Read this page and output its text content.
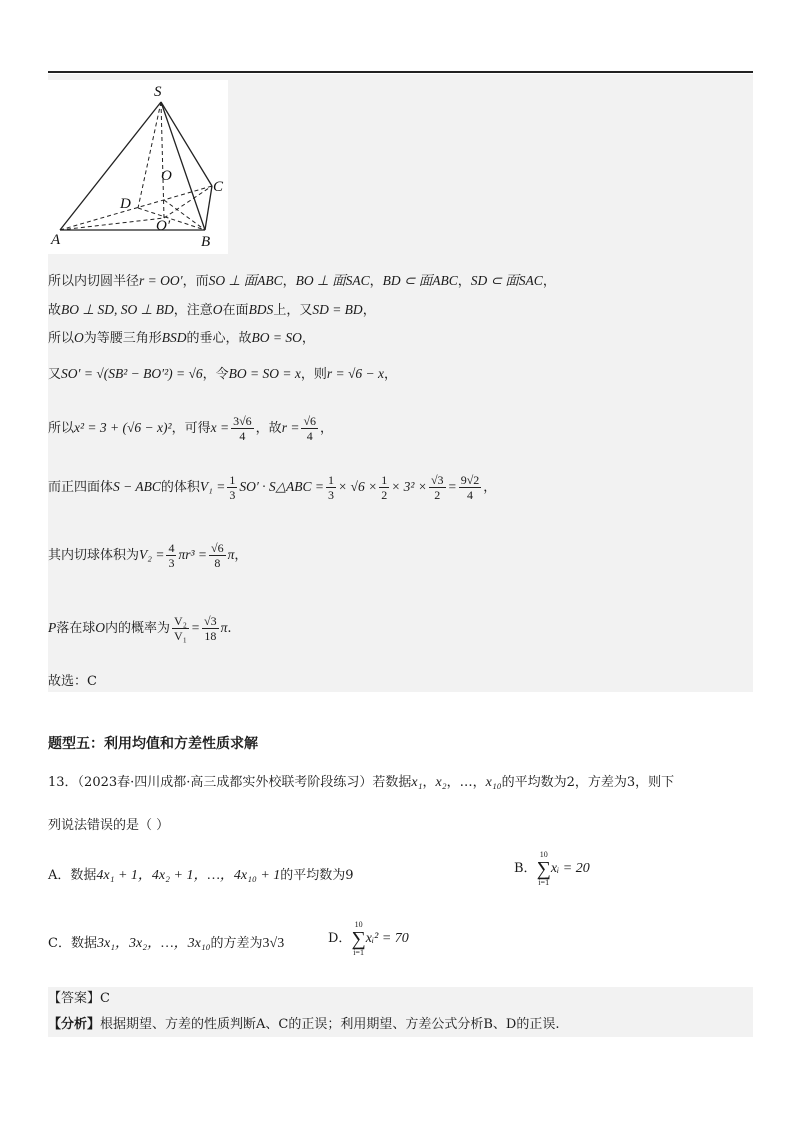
S
O
C
D
O′
A	B
所以内切圆半径r = OO′，而SO ⊥ 面ABC，BO ⊥ 面SAC，BD ⊂ 面ABC，SD ⊂ 面SAC，
故BO ⊥ SD, SO ⊥ BD，注意O在面BDS上，又SD = BD，
所以O为等腰三角形BSD的垂心，故BO = SO，
又SO′ = √(SB² − BO′²) = √6，令BO = SO = x，则r = √6 − x，
所以x² = 3 + (√6 − x)²，可得$x = \frac{3√6}{4}$ ，故$r = \frac{√6}{4}$ ，
而正四面体S − ABC的体积$V_1 = \frac{1}{3} SO'$ · S△ABC = $\frac{1}{3} \times √6 \times \frac{1}{2} \times 3^2 \times \frac{√3}{2} = \frac{9√2}{4}$ ，
其内切球体积为$V_2 = \frac{4}{3} \pi r^3 = \frac{√6}{8}$ π，
P落在球O内的概率为 $\frac{\text{V₂}}{\text{V₁}} = \frac{√3}{18} \pi$.
故选：C
题型五：利用均值和方差性质求解
13．（2023春·四川成都·高三成都实外校联考阶段练习）若数据x₁，x₂，…，x₁₀的平均数为2，方差为3，则下
列说法错误的是（ ）
A．数据4x₁ + 1，4x₂ + 1，…，4x₁₀ + 1的平均数为9	B．
10
∑
i=1
xᵢ = 20
C．数据3x₁，3x₂，…，3x₁₀的方差为3√3	D．
10
∑
i=1
xᵢ² = 70
【答案】C
【分析】根据期望、方差的性质判断A、C的正误；利用期望、方差公式分析B、D的正误.
